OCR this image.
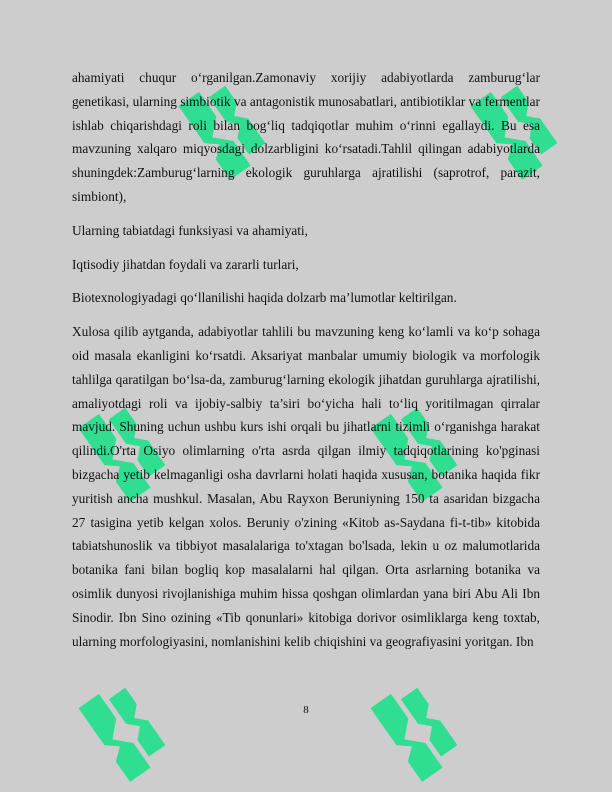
ahamiyati chuqur o‘rganilgan.Zamonaviy xorijiy adabiyotlarda zamburug‘lar genetikasi, ularning simbiotik va antagonistik munosabatlari, antibiotiklar va fermentlar ishlab chiqarishdagi roli bilan bog‘liq tadqiqotlar muhim o‘rinni egallaydi. Bu esa mavzuning xalqaro miqyosdagi dolzarbligini ko‘rsatadi.Tahlil qilingan adabiyotlarda shuningdek:Zamburug‘larning ekologik guruhlarga ajratilishi (saprotrof, parazit, simbiont),

Ularning tabiatdagi funksiyasi va ahamiyati,

Iqtisodiy jihatdan foydali va zararli turlari,

Biotexnologiyadagi qo‘llanilishi haqida dolzarb ma’lumotlar keltirilgan.

Xulosa qilib aytganda, adabiyotlar tahlili bu mavzuning keng ko‘lamli va ko‘p sohaga oid masala ekanligini ko‘rsatdi. Aksariyat manbalar umumiy biologik va morfologik tahlilga qaratilgan bo‘lsa-da, zamburug‘larning ekologik jihatdan guruhlarga ajratilishi, amaliyotdagi roli va ijobiy-salbiy ta’siri bo‘yicha hali to‘liq yoritilmagan qirralar mavjud. Shuning uchun ushbu kurs ishi orqali bu jihatlarni tizimli o‘rganishga harakat qilindi.O'rta Osiyo olimlarning o'rta asrda qilgan ilmiy tadqiqotlarining ko'pginasi bizgacha yetib kelmaganligi osha davrlarni holati haqida xususan, botanika haqida fikr yuritish ancha mushkul. Masalan, Abu Rayxon Beruniyning 150 ta asaridan bizgacha 27 tasigina yetib kelgan xolos. Beruniy o'zining «Kitob as-Saydana fi-t-tib» kitobida tabiatshunoslik va tibbiyot masalalariga to'xtagan bo'lsada, lekin u oz malumotlarida botanika fani bilan bogliq kop masalalarni hal qilgan. Orta asrlarning botanika va osimlik dunyosi rivojlanishiga muhim hissa qoshgan olimlardan yana biri Abu Ali Ibn Sinodir. Ibn Sino ozining «Tib qonunlari» kitobiga dorivor osimliklarga keng toxtab, ularning morfologiyasini, nomlanishini kelib chiqishini va geografiyasini yoritgan. Ibn

8
